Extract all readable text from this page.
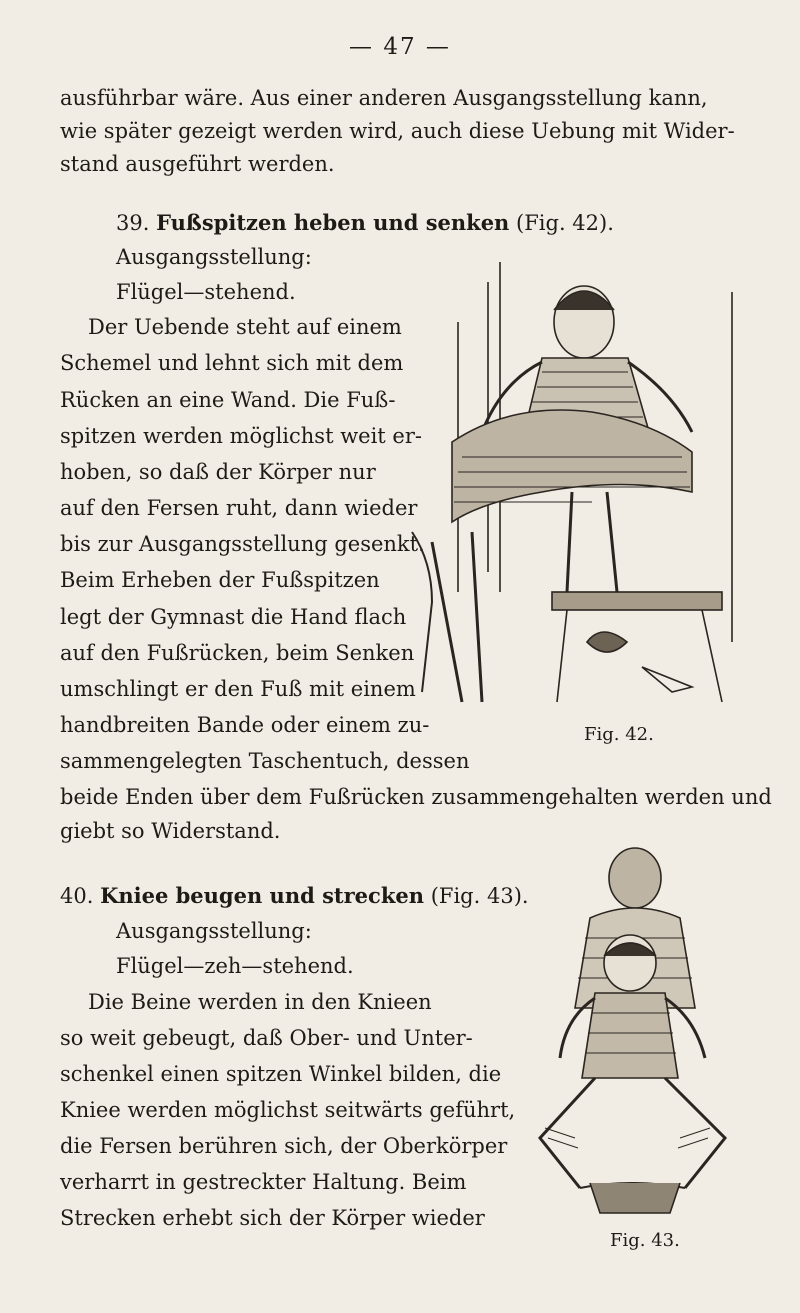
— 47 —
ausführbar wäre. Aus einer anderen Ausgangsstellung kann,
wie später gezeigt werden wird, auch diese Uebung mit Wider-
stand ausgeführt werden.
39. Fußspitzen heben und senken (Fig. 42).
Ausgangsstellung:
Flügel—stehend.
Der Uebende steht auf einem
Schemel und lehnt sich mit dem
Rücken an eine Wand. Die Fuß-
spitzen werden möglichst weit er-
hoben, so daß der Körper nur
auf den Fersen ruht, dann wieder
bis zur Ausgangsstellung gesenkt.
Beim Erheben der Fußspitzen
legt der Gymnast die Hand flach
auf den Fußrücken, beim Senken
umschlingt er den Fuß mit einem
handbreiten Bande oder einem zu-
sammengelegten Taschentuch, dessen
beide Enden über dem Fußrücken zusammengehalten werden und
giebt so Widerstand.
Fig. 42.
40. Kniee beugen und strecken (Fig. 43).
Ausgangsstellung:
Flügel—zeh—stehend.
Die Beine werden in den Knieen
so weit gebeugt, daß Ober- und Unter-
schenkel einen spitzen Winkel bilden, die
Kniee werden möglichst seitwärts geführt,
die Fersen berühren sich, der Oberkörper
verharrt in gestreckter Haltung. Beim
Strecken erhebt sich der Körper wieder
Fig. 43.
